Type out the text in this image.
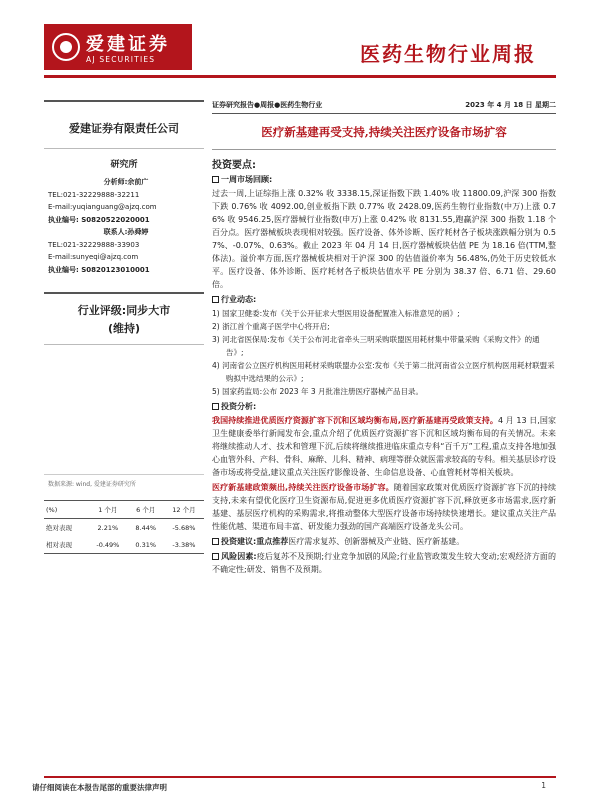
爱建证券
AJ SECURITIES	医药生物行业周报
爱建证券有限责任公司
研究所
分析师:余前广
TEL:021-32229888-32211
E-mail:yuqianguang@ajzq.com
执业编号: S0820522020001
联系人:孙舜婷
TEL:021-32229888-33903
E-mail:sunyeqi@ajzq.com
执业编号: S0820123010001
行业评级:同步大市
(维持)
数据来源: wind, 爱建证券研究所
(%)	1 个月	6 个月	12 个月
绝对表现	2.21%	8.44%	-5.68%
相对表现	-0.49%	0.31%	-3.38%
证券研究报告●周报●医药生物行业	2023 年 4 月 18 日 星期二
医疗新基建再受支持,持续关注医疗设备市场扩容
投资要点:
一周市场回顾:
过去一周,上证综指上涨 0.32% 收 3338.15,深证指数下跌 1.40% 收 11800.09,沪深 300 指数下跌 0.76% 收 4092.00,创业板指下跌 0.77% 收 2428.09,医药生物行业指数(中万)上涨 0.76% 收 9546.25,医疗器械行业指数(申万)上涨 0.42% 收 8131.55,跑赢沪深 300 指数 1.18 个百分点。医疗器械板块表现相对较强。医疗设备、体外诊断、医疗耗材各子板块涨跌幅分别为 0.57%、-0.07%、0.63%。截止 2023 年 04 月 14 日,医疗器械板块估值 PE 为 18.16 倍(TTM,整体法)。溢价率方面,医疗器械板块相对于沪深 300 的估值溢价率为 56.48%,仍处于历史较低水平。医疗设备、体外诊断、医疗耗材各子板块估值水平 PE 分别为 38.37 倍、6.71 倍、29.60 倍。
行业动态:
1) 国家卫健委:发布《关于公开征求大型医用设备配置准入标准意见的函》;
2) 浙江首个重离子医学中心将开启;
3) 河北省医保局:发布《关于公布河北省牵头三明采购联盟医用耗材集中带量采购《采购文件》的通告》;
4) 河南省公立医疗机构医用耗材采购联盟办公室:发布《关于第二批河南省公立医疗机构医用耗材联盟采购拟中选结果的公示》;
5) 国家药监局:公布 2023 年 3 月批准注册医疗器械产品目录。
投资分析:
我国持续推进优质医疗资源扩容下沉和区域均衡布局,医疗新基建再受政策支持。4 月 13 日,国家卫生健康委举行新闻发布会,重点介绍了优质医疗资源扩容下沉和区域均衡布局的有关情况。未来将继续推动人才、技术和管理下沉,后续将继续推进临床重点专科“百千万”工程,重点支持各地加强心血管外科、产科、骨科、麻醉、儿科、精神、病理等群众就医需求较高的专科。相关基层诊疗设备市场或将受益,建议重点关注医疗影像设备、生命信息设备、心血管耗材等相关板块。
医疗新基建政策频出,持续关注医疗设备市场扩容。随着国家政策对优质医疗资源扩容下沉的持续支持,未来有望优化医疗卫生资源布局,促进更多优质医疗资源扩容下沉,释放更多市场需求,医疗新基建、基层医疗机构的采购需求,将推动整体大型医疗设备市场持续快速增长。建议重点关注产品性能优越、渠道布局丰富、研发能力强劲的国产高端医疗设备龙头公司。
投资建议:重点推荐医疗需求复苏、创新器械及产业链、医疗新基建。
风险因素:疫后复苏不及预期;行业竞争加剧的风险;行业监管政策发生较大变动;宏观经济方面的不确定性;研发、销售不及预期。
请仔细阅读在本报告尾部的重要法律声明	1
